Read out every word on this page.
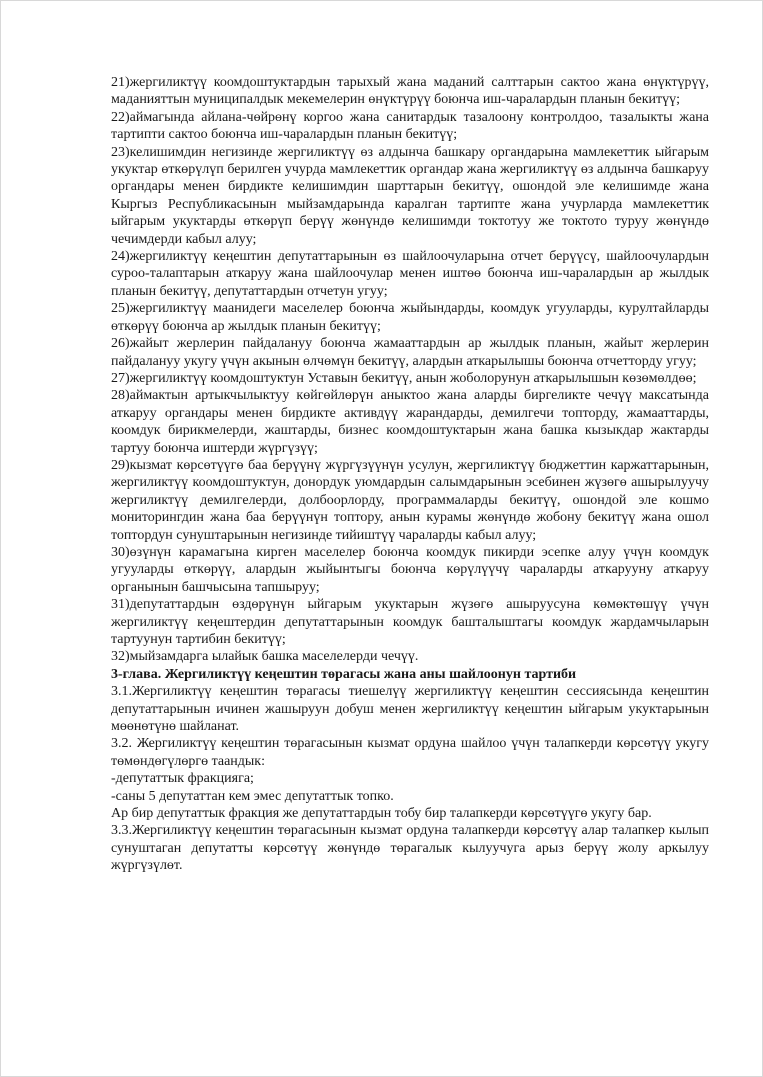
21)жергиликтүү коомдоштуктардын тарыхый жана маданий салттарын сактоо жана өнүктүрүү, маданияттын муниципалдык мекемелерин өнүктүрүү боюнча иш-чаралардын планын бекитүү;

22)аймагында айлана-чөйрөнү коргоо жана санитардык тазалоону контролдоо, тазалыкты жана тартипти сактоо боюнча иш-чаралардын планын бекитүү;

23)келишимдин негизинде жергиликтүү өз алдынча башкару органдарына мамлекеттик ыйгарым укуктар өткөрүлүп берилген учурда мамлекеттик органдар жана жергиликтүү өз алдынча башкаруу органдары менен бирдикте келишимдин шарттарын бекитүү, ошондой эле келишимде жана Кыргыз Республикасынын мыйзамдарында каралган тартипте жана учурларда мамлекеттик ыйгарым укуктарды өткөрүп берүү жөнүндө келишимди токтотуу же токтото туруу жөнүндө чечимдерди кабыл алуу;

24)жергиликтүү кеңештин депутаттарынын өз шайлоочуларына отчет берүүсү, шайлоочулардын суроо-талаптарын аткаруу жана шайлоочулар менен иштөө боюнча иш-чаралардын ар жылдык планын бекитүү, депутаттардын отчетун угуу;

25)жергиликтүү маанидеги маселелер боюнча жыйындарды, коомдук угууларды, курултайларды өткөрүү боюнча ар жылдык планын бекитүү;

26)жайыт жерлерин пайдалануу боюнча жамааттардын ар жылдык планын, жайыт жерлерин пайдалануу укугу үчүн акынын өлчөмүн бекитүү, алардын аткарылышы боюнча отчетторду угуу;

27)жергиликтүү коомдоштуктун Уставын бекитүү, анын жоболорунун аткарылышын көзөмөлдөө;

28)аймактын артыкчылыктуу көйгөйлөрүн аныктоо жана аларды биргеликте чечүү максатында аткаруу органдары менен бирдикте активдүү жарандарды, демилгечи топторду, жамааттарды, коомдук бирикмелерди, жаштарды, бизнес коомдоштуктарын жана башка кызыкдар жактарды тартуу боюнча иштерди жүргүзүү;

29)кызмат көрсөтүүгө баа берүүнү жүргүзүүнүн усулун, жергиликтүү бюджеттин каржаттарынын, жергиликтүү коомдоштуктун, донордук уюмдардын салымдарынын эсебинен жүзөгө ашырылуучу жергиликтүү демилгелерди, долбоорлорду, программаларды бекитүү, ошондой эле кошмо мониторингдин жана баа берүүнүн топтору, анын курамы жөнүндө жобону бекитүү жана ошол топтордун сунуштарынын негизинде тийиштүү чараларды кабыл алуу;

30)өзүнүн карамагына кирген маселелер боюнча коомдук пикирди эсепке алуу үчүн коомдук угууларды өткөрүү, алардын жыйынтыгы боюнча көрүлүүчү чараларды аткарууну аткаруу органынын башчысына тапшыруу;

31)депутаттардын өздөрүнүн ыйгарым укуктарын жүзөгө ашыруусуна көмөктөшүү үчүн жергиликтүү кеңештердин депутаттарынын коомдук башталыштагы коомдук жардамчыларын тартуунун тартибин бекитүү;

32)мыйзамдарга ылайык башка маселелерди чечүү.

3-глава. Жергиликтүү кеңештин төрагасы жана аны шайлоонун тартиби

3.1.Жергиликтүү кеңештин төрагасы тиешелүү жергиликтүү кеңештин сессиясында кеңештин депутаттарынын ичинен жашыруун добуш менен жергиликтүү кеңештин ыйгарым укуктарынын мөөнөтүнө шайланат.

3.2. Жергиликтүү кеңештин төрагасынын кызмат ордуна шайлоо үчүн талапкерди көрсөтүү укугу төмөндөгүлөргө таандык:

-депутаттык фракцияга;

-саны 5 депутаттан кем эмес депутаттык топко.

Ар бир депутаттык фракция же депутаттардын тобу бир талапкерди көрсөтүүгө укугу бар.

3.3.Жергиликтүү кеңештин төрагасынын кызмат ордуна талапкерди көрсөтүү алар талапкер кылып сунуштаган депутатты көрсөтүү жөнүндө төрагалык кылуучуга арыз берүү жолу аркылуу жүргүзүлөт.
